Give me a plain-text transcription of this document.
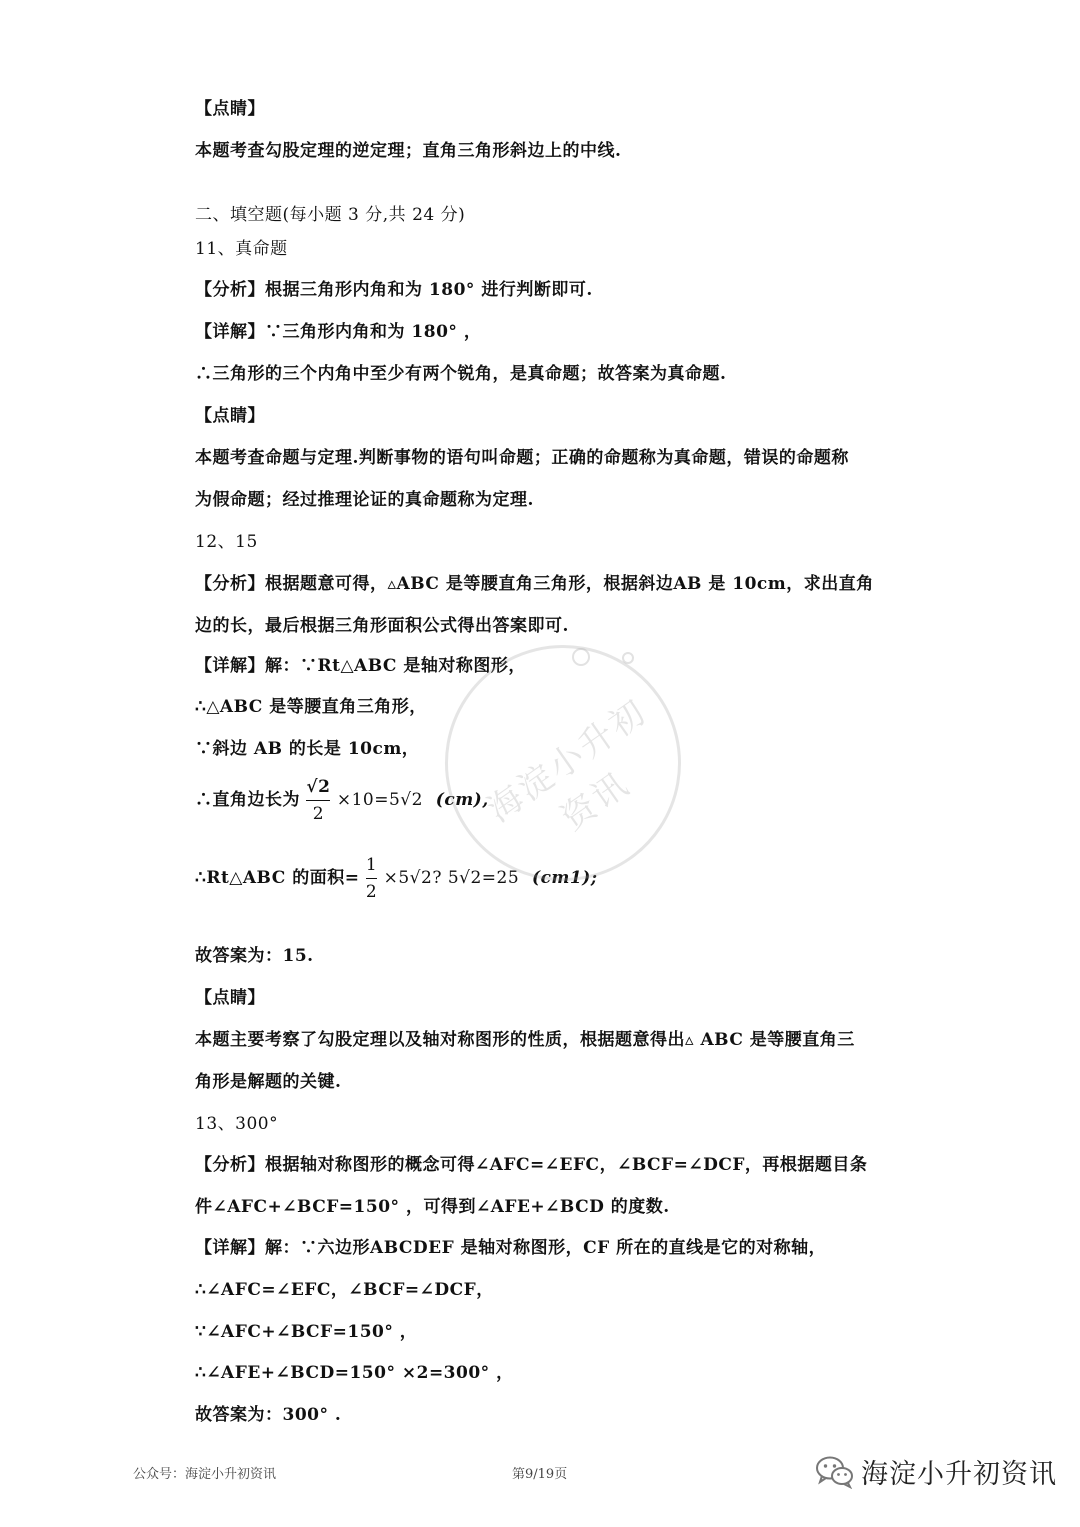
【点睛】
本题考查勾股定理的逆定理；直角三角形斜边上的中线.
二、填空题(每小题 3 分,共 24 分)
11、真命题
【分析】根据三角形内角和为 180° 进行判断即可.
【详解】∵三角形内角和为 180° ，
∴三角形的三个内角中至少有两个锐角，是真命题；故答案为真命题.
【点睛】
本题考查命题与定理.判断事物的语句叫命题；正确的命题称为真命题，错误的命题称
为假命题；经过推理论证的真命题称为定理.
12、15
【分析】根据题意可得，▵ABC 是等腰直角三角形，根据斜边AB 是 10cm，求出直角
边的长，最后根据三角形面积公式得出答案即可.
【详解】解：∵Rt△ABC 是轴对称图形，
∴△ABC 是等腰直角三角形，
∵斜边 AB 的长是 10cm，
∴直角边长为 $\frac{√2}{2} \times 10=5√2$ (cm),
∴Rt△ABC 的面积= $\frac{1}{2} \times 5√2$? 5√2=25 (cm1);
故答案为：15.
【点睛】
本题主要考察了勾股定理以及轴对称图形的性质，根据题意得出▵ ABC 是等腰直角三
角形是解题的关键.
13、300°
【分析】根据轴对称图形的概念可得∠AFC=∠EFC，∠BCF=∠DCF，再根据题目条
件∠AFC+∠BCF=150° ，可得到∠AFE+∠BCD 的度数.
【详解】解：∵六边形ABCDEF 是轴对称图形，CF 所在的直线是它的对称轴，
∴∠AFC=∠EFC，∠BCF=∠DCF，
∵∠AFC+∠BCF=150° ，
∴∠AFE+∠BCD=150° ×2=300° ，
故答案为：300° .
海淀小升初资讯
公众号：海淀小升初资讯	第9/19页	海淀小升初资讯
